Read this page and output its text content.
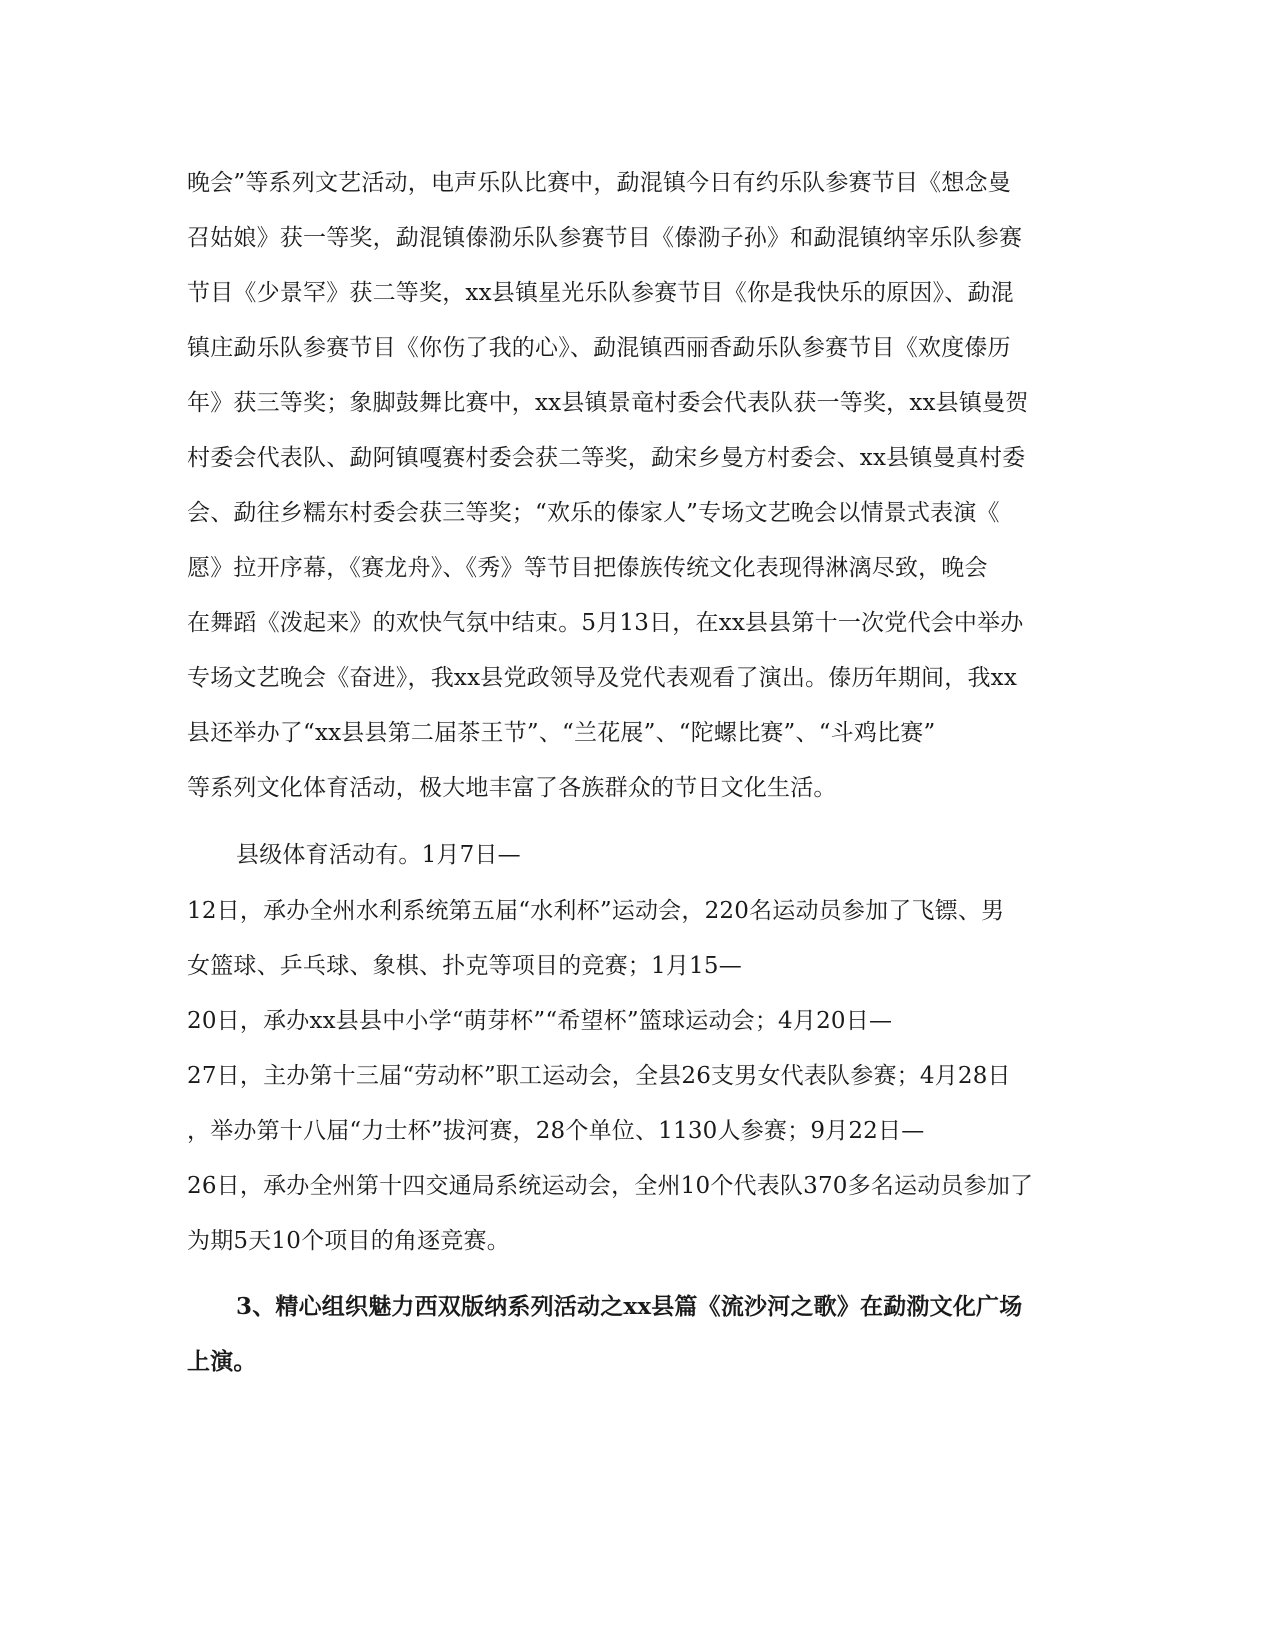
晚会”等系列文艺活动，电声乐队比赛中，勐混镇今日有约乐队参赛节目《想念曼
召姑娘》获一等奖，勐混镇傣泐乐队参赛节目《傣泐子孙》和勐混镇纳宰乐队参赛
节目《少景罕》获二等奖，xx县镇星光乐队参赛节目《你是我快乐的原因》、勐混
镇庄勐乐队参赛节目《你伤了我的心》、勐混镇西丽香勐乐队参赛节目《欢度傣历
年》获三等奖；象脚鼓舞比赛中，xx县镇景竜村委会代表队获一等奖，xx县镇曼贺
村委会代表队、勐阿镇嘎赛村委会获二等奖，勐宋乡曼方村委会、xx县镇曼真村委
会、勐往乡糯东村委会获三等奖；“欢乐的傣家人”专场文艺晚会以情景式表演《
愿》拉开序幕，《赛龙舟》、《秀》等节目把傣族传统文化表现得淋漓尽致，晚会
在舞蹈《泼起来》的欢快气氛中结束。5月13日，在xx县县第十一次党代会中举办
专场文艺晚会《奋进》，我xx县党政领导及党代表观看了演出。傣历年期间，我xx
县还举办了“xx县县第二届茶王节”、“兰花展”、“陀螺比赛”、“斗鸡比赛”
等系列文化体育活动，极大地丰富了各族群众的节日文化生活。
县级体育活动有。1月7日—
12日，承办全州水利系统第五届“水利杯”运动会，220名运动员参加了飞镖、男
女篮球、乒乓球、象棋、扑克等项目的竞赛；1月15—
20日，承办xx县县中小学“萌芽杯”“希望杯”篮球运动会；4月20日—
27日，主办第十三届“劳动杯”职工运动会，全县26支男女代表队参赛；4月28日
，举办第十八届“力士杯”拔河赛，28个单位、1130人参赛；9月22日—
26日，承办全州第十四交通局系统运动会，全州10个代表队370多名运动员参加了
为期5天10个项目的角逐竞赛。
3、精心组织魅力西双版纳系列活动之xx县篇《流沙河之歌》在勐泐文化广场
上演。
